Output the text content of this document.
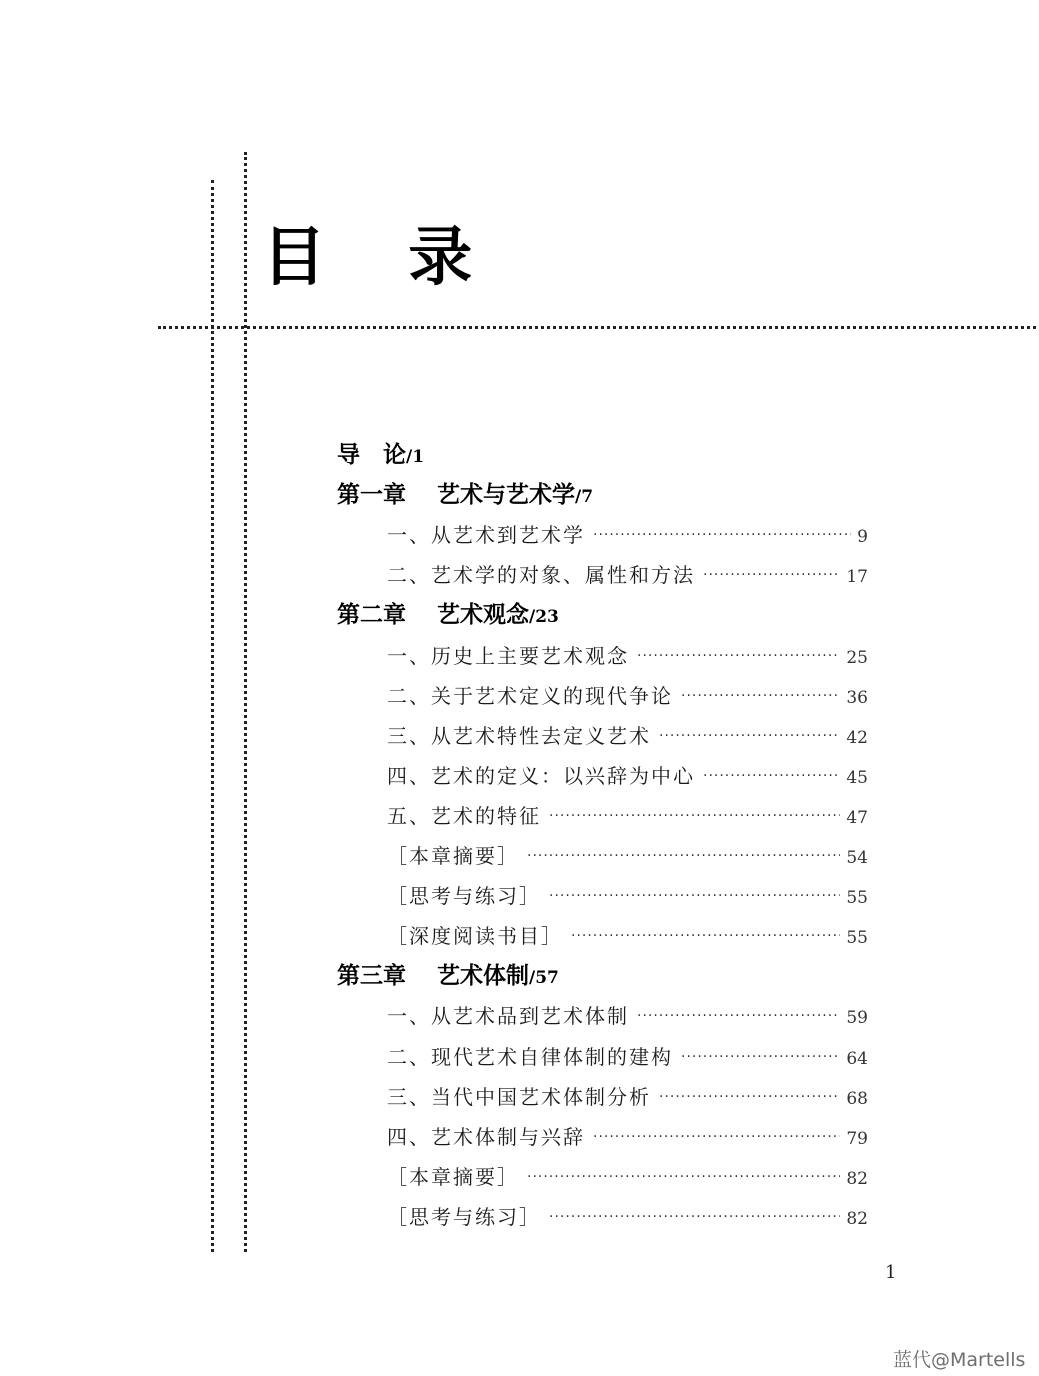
目 录
导　论/1
第一章 艺术与艺术学/7
一、从艺术到艺术学 ·····	9
二、艺术学的对象、属性和方法 ·····	17
第二章 艺术观念/23
一、历史上主要艺术观念 ·····	25
二、关于艺术定义的现代争论 ·····	36
三、从艺术特性去定义艺术 ·····	42
四、艺术的定义：以兴辞为中心 ·····	45
五、艺术的特征 ·····	47
［本章摘要］ ·····	54
［思考与练习］ ·····	55
［深度阅读书目］ ·····	55
第三章 艺术体制/57
一、从艺术品到艺术体制 ·····	59
二、现代艺术自律体制的建构 ·····	64
三、当代中国艺术体制分析 ·····	68
四、艺术体制与兴辞 ·····	79
［本章摘要］ ·····	82
［思考与练习］ ·····	82
1
蓝代@Martells
